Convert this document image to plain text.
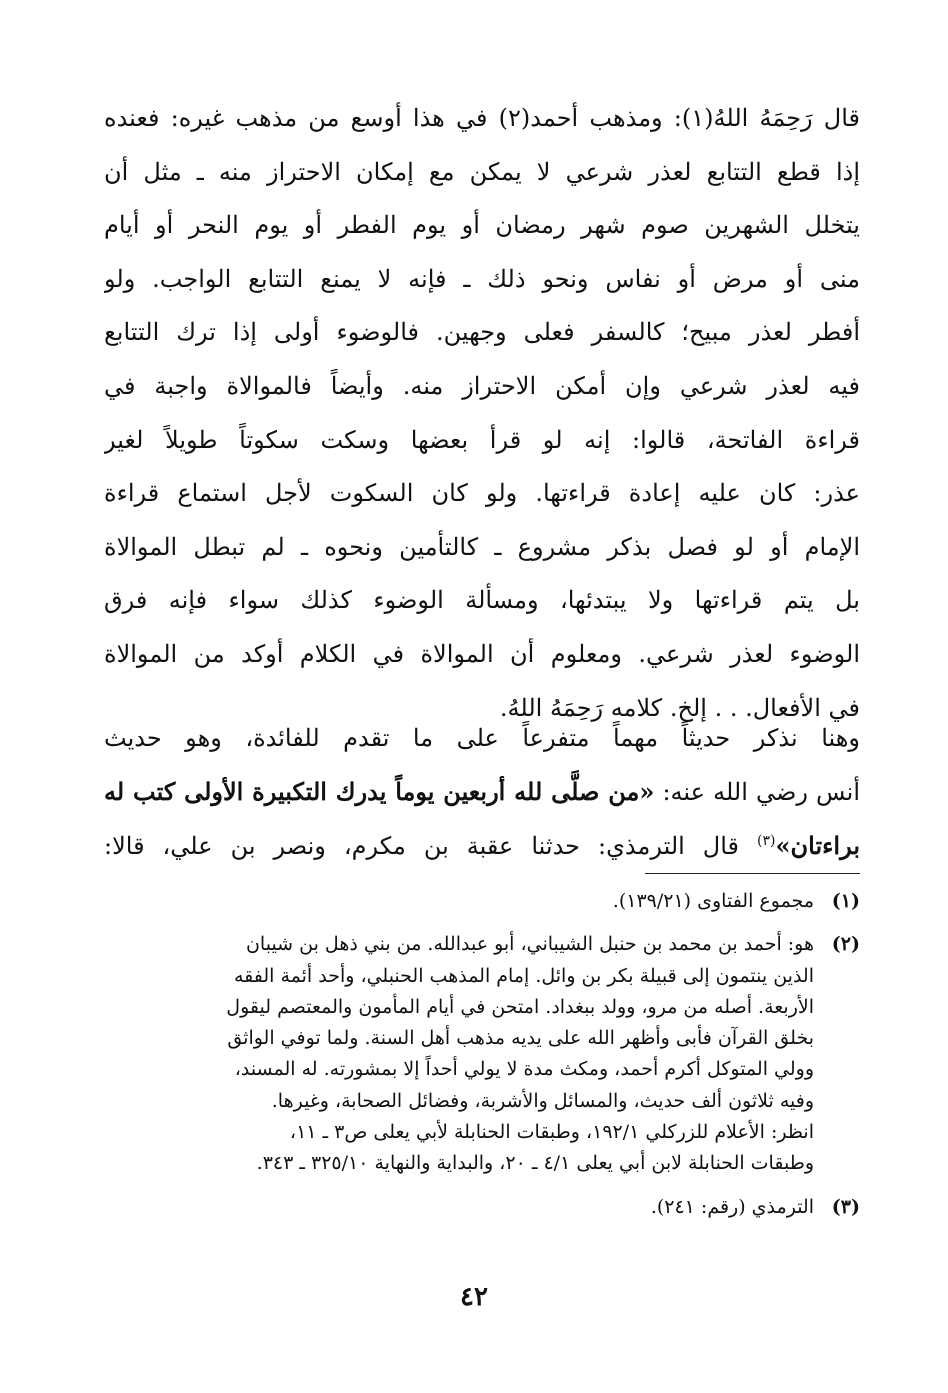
قال رَحِمَهُ اللهُ(١): ومذهب أحمد(٢) في هذا أوسع من مذهب غيره: فعنده
إذا قطع التتابع لعذر شرعي لا يمكن مع إمكان الاحتراز منه ـ مثل أن
يتخلل الشهرين صوم شهر رمضان أو يوم الفطر أو يوم النحر أو أيام
منى أو مرض أو نفاس ونحو ذلك ـ فإنه لا يمنع التتابع الواجب. ولو
أفطر لعذر مبيح؛ كالسفر فعلى وجهين. فالوضوء أولى إذا ترك التتابع
فيه لعذر شرعي وإن أمكن الاحتراز منه. وأيضاً فالموالاة واجبة في
قراءة الفاتحة، قالوا: إنه لو قرأ بعضها وسكت سكوتاً طويلاً لغير
عذر: كان عليه إعادة قراءتها. ولو كان السكوت لأجل استماع قراءة
الإمام أو لو فصل بذكر مشروع ـ كالتأمين ونحوه ـ لم تبطل الموالاة
بل يتم قراءتها ولا يبتدئها، ومسألة الوضوء كذلك سواء فإنه فرق
الوضوء لعذر شرعي. ومعلوم أن الموالاة في الكلام أوكد من الموالاة
في الأفعال. . . إلخ. كلامه رَحِمَهُ اللهُ.
وهنا نذكر حديثاً مهماً متفرعاً على ما تقدم للفائدة، وهو حديث
أنس رضي الله عنه: «من صلَّى لله أربعين يوماً يدرك التكبيرة الأولى كتب له
براءتان»$^{(٣)}$ قال الترمذي: حدثنا عقبة بن مكرم، ونصر بن علي، قالا:
(١)
مجموع الفتاوى (١٣٩/٢١).
(٢)
هو: أحمد بن محمد بن حنبل الشيباني، أبو عبدالله. من بني ذهل بن شيبان
الذين ينتمون إلى قبيلة بكر بن وائل. إمام المذهب الحنبلي، وأحد أئمة الفقه
الأربعة. أصله من مرو، وولد ببغداد. امتحن في أيام المأمون والمعتصم ليقول
بخلق القرآن فأبى وأظهر الله على يديه مذهب أهل السنة. ولما توفي الواثق
وولي المتوكل أكرم أحمد، ومكث مدة لا يولي أحداً إلا بمشورته. له المسند،
وفيه ثلاثون ألف حديث، والمسائل والأشربة، وفضائل الصحابة، وغيرها.
انظر: الأعلام للزركلي ١٩٢/١، وطبقات الحنابلة لأبي يعلى ص٣ ـ ١١،
وطبقات الحنابلة لابن أبي يعلى ٤/١ ـ ٢٠، والبداية والنهاية ٣٢٥/١٠ ـ ٣٤٣.
(٣)
الترمذي (رقم: ٢٤١).
٤٢
